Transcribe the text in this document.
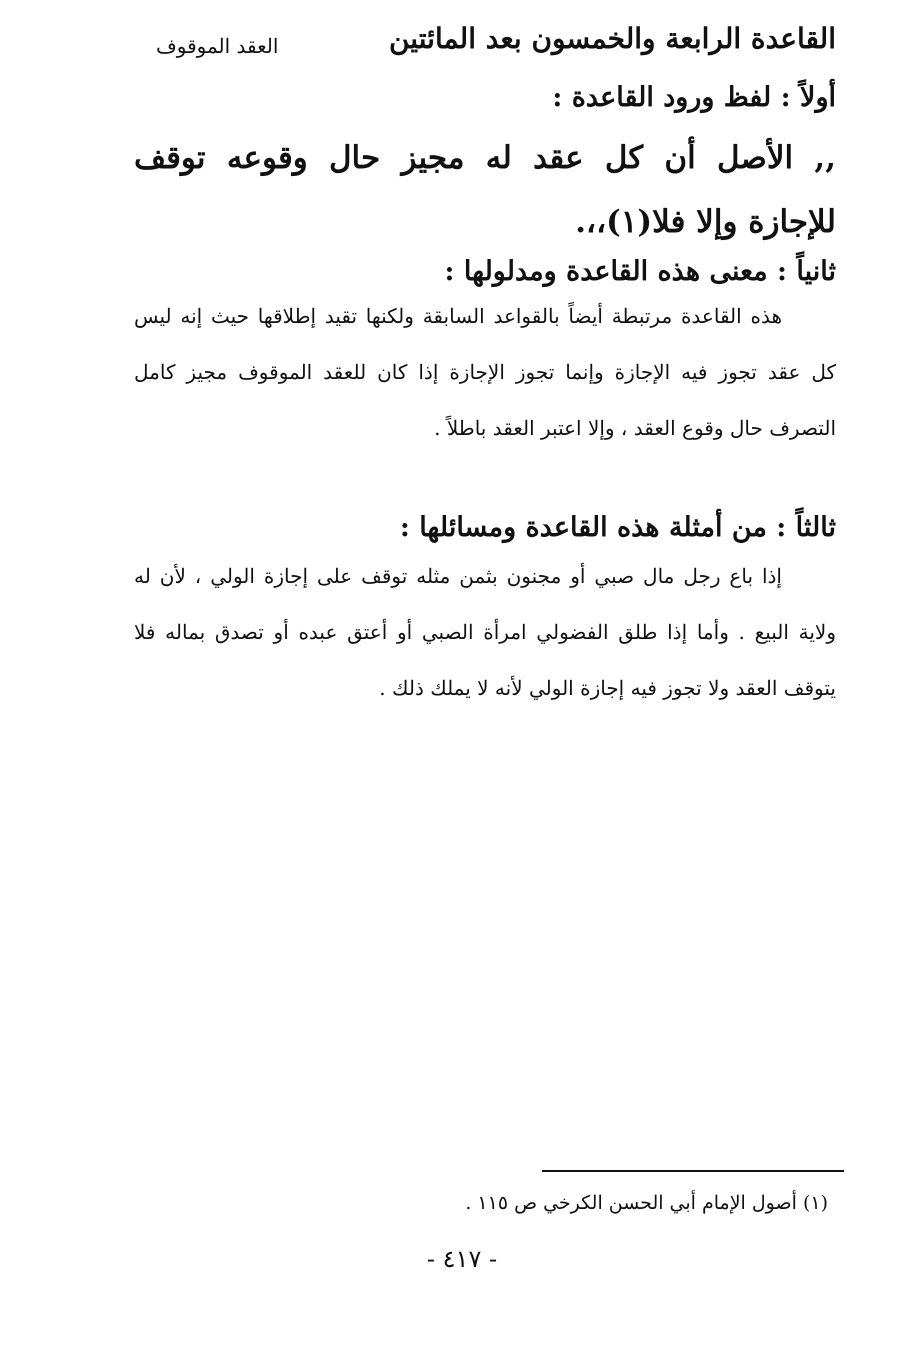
القاعدة الرابعة والخمسون بعد المائتين
العقد الموقوف
أولاً : لفظ ورود القاعدة :
,, الأصل أن كل عقد له مجيز حال وقوعه توقف للإجازة وإلا فلا(١)،،.
ثانياً : معنى هذه القاعدة ومدلولها :

هذه القاعدة مرتبطة أيضاً بالقواعد السابقة ولكنها تقيد إطلاقها حيث إنه ليس كل عقد تجوز فيه الإجازة وإنما تجوز الإجازة إذا كان للعقد الموقوف مجيز كامل التصرف حال وقوع العقد ، وإلا اعتبر العقد باطلاً .

ثالثاً : من أمثلة هذه القاعدة ومسائلها :

إذا باع رجل مال صبي أو مجنون بثمن مثله توقف على إجازة الولي ، لأن له ولاية البيع . وأما إذا طلق الفضولي امرأة الصبي أو أعتق عبده أو تصدق بماله فلا يتوقف العقد ولا تجوز فيه إجازة الولي لأنه لا يملك ذلك .

(١) أصول الإمام أبي الحسن الكرخي ص ١١٥ .
- ٤١٧ -
